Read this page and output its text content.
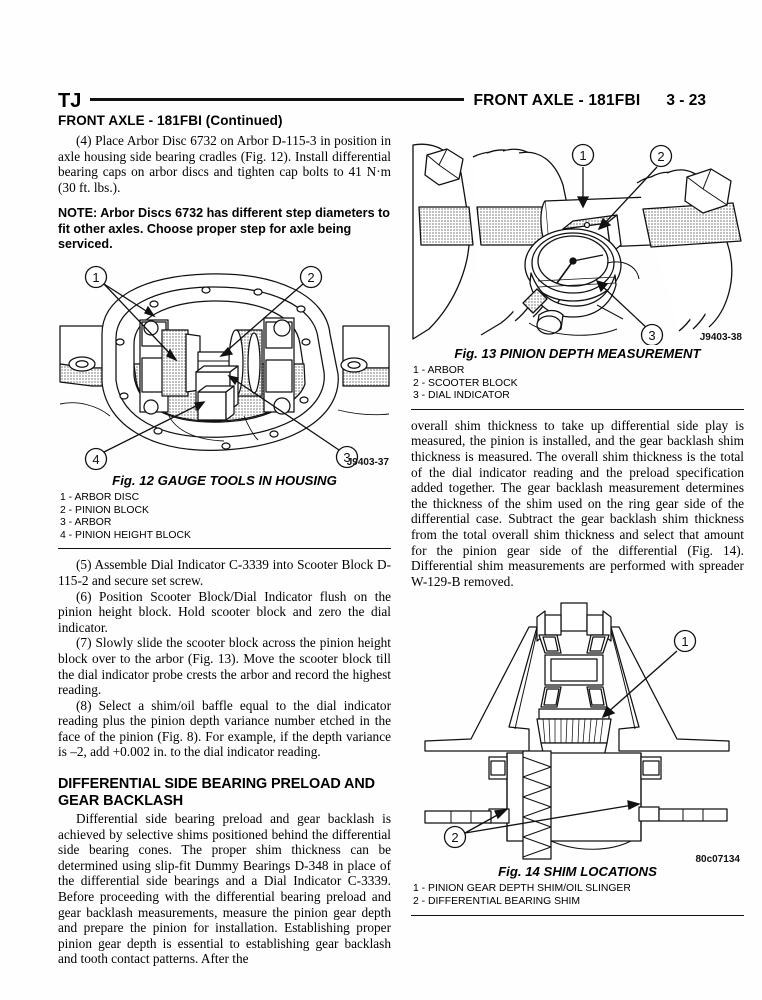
TJ	FRONT AXLE - 181FBI 3 - 23
FRONT AXLE - 181FBI (Continued)

(4) Place Arbor Disc 6732 on Arbor D-115-3 in position in axle housing side bearing cradles (Fig. 12). Install differential bearing caps on arbor discs and tighten cap bolts to 41 N·m (30 ft. lbs.).

NOTE: Arbor Discs 6732 has different step diameters to fit other axles. Choose proper step for axle being serviced.

1	2
3
4	J9403-37
Fig. 12 GAUGE TOOLS IN HOUSING
1 - ARBOR DISC
2 - PINION BLOCK
3 - ARBOR
4 - PINION HEIGHT BLOCK

(5) Assemble Dial Indicator C-3339 into Scooter Block D-115-2 and secure set screw.

(6) Position Scooter Block/Dial Indicator flush on the pinion height block. Hold scooter block and zero the dial indicator.

(7) Slowly slide the scooter block across the pinion height block over to the arbor (Fig. 13). Move the scooter block till the dial indicator probe crests the arbor and record the highest reading.

(8) Select a shim/oil baffle equal to the dial indicator reading plus the pinion depth variance number etched in the face of the pinion (Fig. 8). For example, if the depth variance is –2, add +0.002 in. to the dial indicator reading.

DIFFERENTIAL SIDE BEARING PRELOAD AND GEAR BACKLASH

Differential side bearing preload and gear backlash is achieved by selective shims positioned behind the differential side bearing cones. The proper shim thickness can be determined using slip-fit Dummy Bearings D-348 in place of the differential side bearings and a Dial Indicator C-3339. Before proceeding with the differential bearing preload and gear backlash measurements, measure the pinion gear depth and prepare the pinion for installation. Establishing proper pinion gear depth is essential to establishing gear backlash and tooth contact patterns. After the

1	2
3	J9403-38
Fig. 13 PINION DEPTH MEASUREMENT
1 - ARBOR
2 - SCOOTER BLOCK
3 - DIAL INDICATOR

overall shim thickness to take up differential side play is measured, the pinion is installed, and the gear backlash shim thickness is measured. The overall shim thickness is the total of the dial indicator reading and the preload specification added together. The gear backlash measurement determines the thickness of the shim used on the ring gear side of the differential case. Subtract the gear backlash shim thickness from the total overall shim thickness and select that amount for the pinion gear side of the differential (Fig. 14). Differential shim measurements are performed with spreader W-129-B removed.

1
2
80c07134
Fig. 14 SHIM LOCATIONS
1 - PINION GEAR DEPTH SHIM/OIL SLINGER
2 - DIFFERENTIAL BEARING SHIM
